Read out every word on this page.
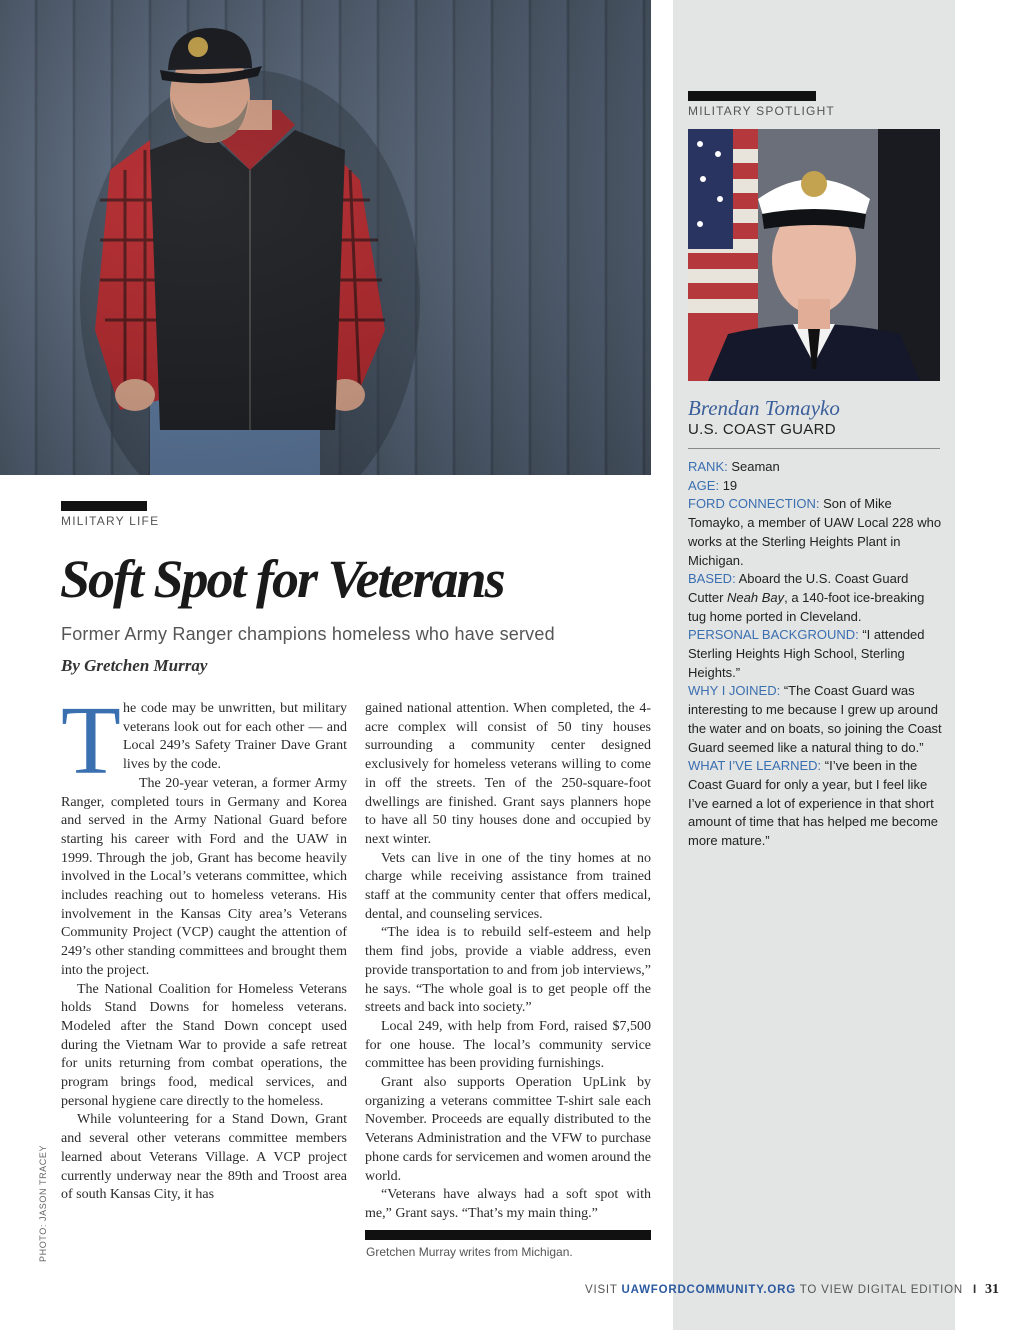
MILITARY SPOTLIGHT
Brendan Tomayko
U.S. COAST GUARD

RANK: Seaman

AGE: 19

FORD CONNECTION: Son of Mike Tomayko, a member of UAW Local 228 who works at the Sterling Heights Plant in Michigan.

BASED: Aboard the U.S. Coast Guard Cutter Neah Bay, a 140-foot ice-breaking tug home ported in Cleveland.

PERSONAL BACKGROUND: “I attended Sterling Heights High School, Sterling Heights.”

WHY I JOINED: “The Coast Guard was interesting to me because I grew up around the water and on boats, so joining the Coast Guard seemed like a natural thing to do.”

WHAT I’VE LEARNED: “I’ve been in the Coast Guard for only a year, but I feel like I’ve earned a lot of experience in that short amount of time that has helped me become more mature.”

MILITARY LIFE
Soft Spot for Veterans

Former Army Ranger champions homeless who have served

By Gretchen Murray

The code may be unwritten, but military veterans look out for each other — and Local 249’s Safety Trainer Dave Grant lives by the code.

The 20-year veteran, a former Army Ranger, completed tours in Germany and Korea and served in the Army National Guard before starting his career with Ford and the UAW in 1999. Through the job, Grant has become heavily involved in the Local’s veterans committee, which includes reaching out to homeless veterans. His involvement in the Kansas City area’s Veterans Community Project (VCP) caught the attention of 249’s other standing committees and brought them into the project.

The National Coalition for Homeless Veterans holds Stand Downs for homeless veterans. Modeled after the Stand Down concept used during the Vietnam War to provide a safe retreat for units returning from combat operations, the program brings food, medical services, and personal hygiene care directly to the homeless.

While volunteering for a Stand Down, Grant and several other veterans committee members learned about Veterans Village. A VCP project currently underway near the 89th and Troost area of south Kansas City, it has

gained national attention. When completed, the 4-acre complex will consist of 50 tiny houses surrounding a community center designed exclusively for homeless veterans willing to come in off the streets. Ten of the 250-square-foot dwellings are finished. Grant says planners hope to have all 50 tiny houses done and occupied by next winter.

Vets can live in one of the tiny homes at no charge while receiving assistance from trained staff at the community center that offers medical, dental, and counseling services.

“The idea is to rebuild self-esteem and help them find jobs, provide a viable address, even provide transportation to and from job interviews,” he says. “The whole goal is to get people off the streets and back into society.”

Local 249, with help from Ford, raised $7,500 for one house. The local’s community service committee has been providing furnishings.

Grant also supports Operation UpLink by organizing a veterans committee T-shirt sale each November. Proceeds are equally distributed to the Veterans Administration and the VFW to purchase phone cards for servicemen and women around the world.

“Veterans have always had a soft spot with me,” Grant says. “That’s my main thing.”

Gretchen Murray writes from Michigan.
PHOTO: JASON TRACEY
VISIT UAWFORDCOMMUNITY.ORG TO VIEW DIGITAL EDITION I 31
